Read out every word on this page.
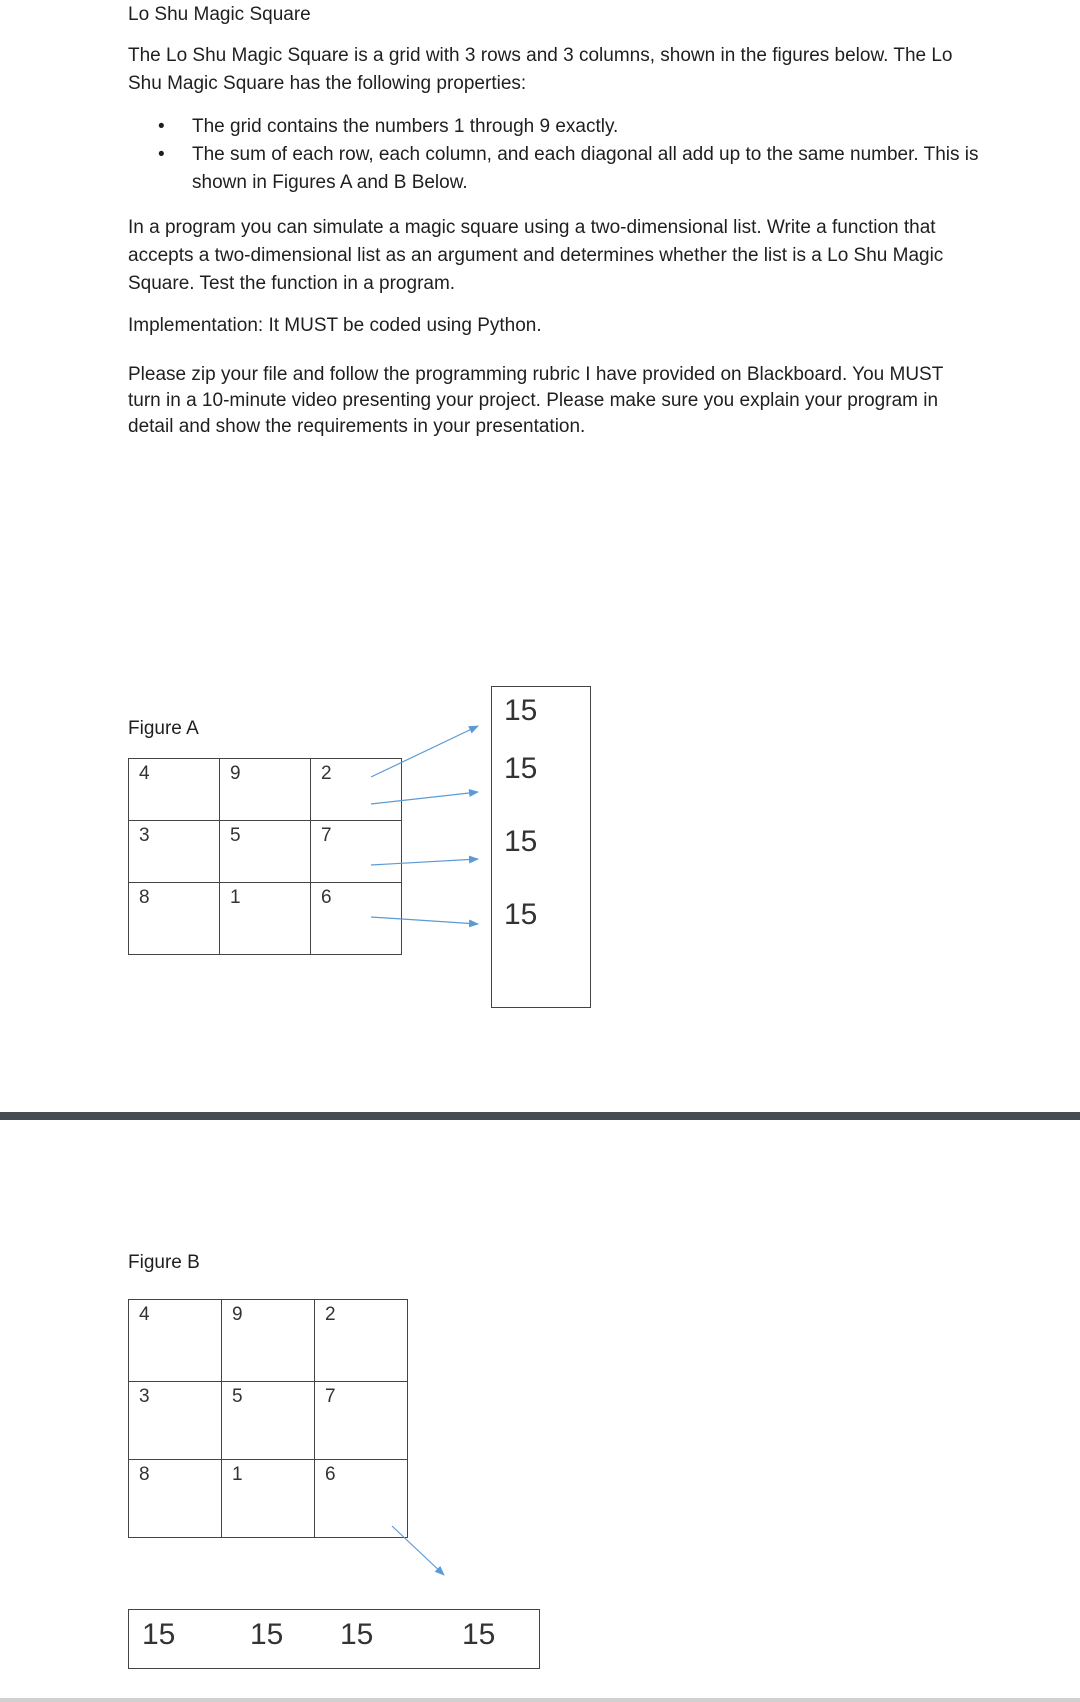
Lo Shu Magic Square
The Lo Shu Magic Square is a grid with 3 rows and 3 columns, shown in the figures below. The Lo Shu Magic Square has the following properties:
• The grid contains the numbers 1 through 9 exactly.
• The sum of each row, each column, and each diagonal all add up to the same number. This is shown in Figures A and B Below.
In a program you can simulate a magic square using a two-dimensional list. Write a function that accepts a two-dimensional list as an argument and determines whether the list is a Lo Shu Magic Square. Test the function in a program.
Implementation: It MUST be coded using Python.
Please zip your file and follow the programming rubric I have provided on Blackboard. You MUST turn in a 10-minute video presenting your project. Please make sure you explain your program in detail and show the requirements in your presentation.
Figure A
4	9	2
3	5	7
8	1	6
15
15
15
15
Figure B
4	9	2
3	5	7
8	1	6
15 15 15	15
